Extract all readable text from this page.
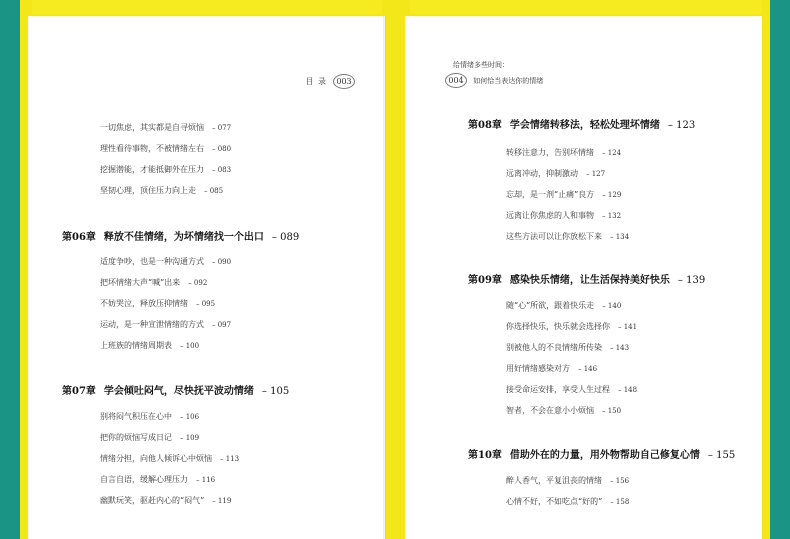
目 录	003
一切焦虑，其实都是自寻烦恼 – 077
理性看待事物，不被情绪左右 – 080
挖掘潜能，才能抵御外在压力 – 083
坚韧心理，顶住压力向上走 – 085
第06章 释放不佳情绪，为坏情绪找一个出口 – 089
适度争吵，也是一种沟通方式 – 090
把坏情绪大声“喊”出来 – 092
不妨哭泣，释放压抑情绪 – 095
运动，是一种宣泄情绪的方式 – 097
上班族的情绪周期表 – 100
第07章 学会倾吐闷气，尽快抚平波动情绪 – 105
别将闷气积压在心中 – 106
把你的烦恼写成日记 – 109
情绪分担，向他人倾诉心中烦恼 – 113
自言自语，缓解心理压力 – 116
幽默玩笑，驱赶内心的“闷气” – 119
给情绪多些时间：
004 如何恰当表达你的情绪
第08章 学会情绪转移法，轻松处理坏情绪 – 123
转移注意力，告别坏情绪 – 124
远离冲动，抑制激动 – 127
忘却，是一剂“止痛”良方 – 129
远离让你焦虑的人和事物 – 132
这些方法可以让你放松下来 – 134
第09章 感染快乐情绪，让生活保持美好快乐 – 139
随“心”所欲，跟着快乐走 – 140
你选择快乐，快乐就会选择你 – 141
别被他人的不良情绪所传染 – 143
用好情绪感染对方 – 146
接受命运安排，享受人生过程 – 148
智者，不会在意小小烦恼 – 150
第10章 借助外在的力量，用外物帮助自己修复心情 – 155
醉人香气，平复沮丧的情绪 – 156
心情不好，不如吃点“好的” – 158
